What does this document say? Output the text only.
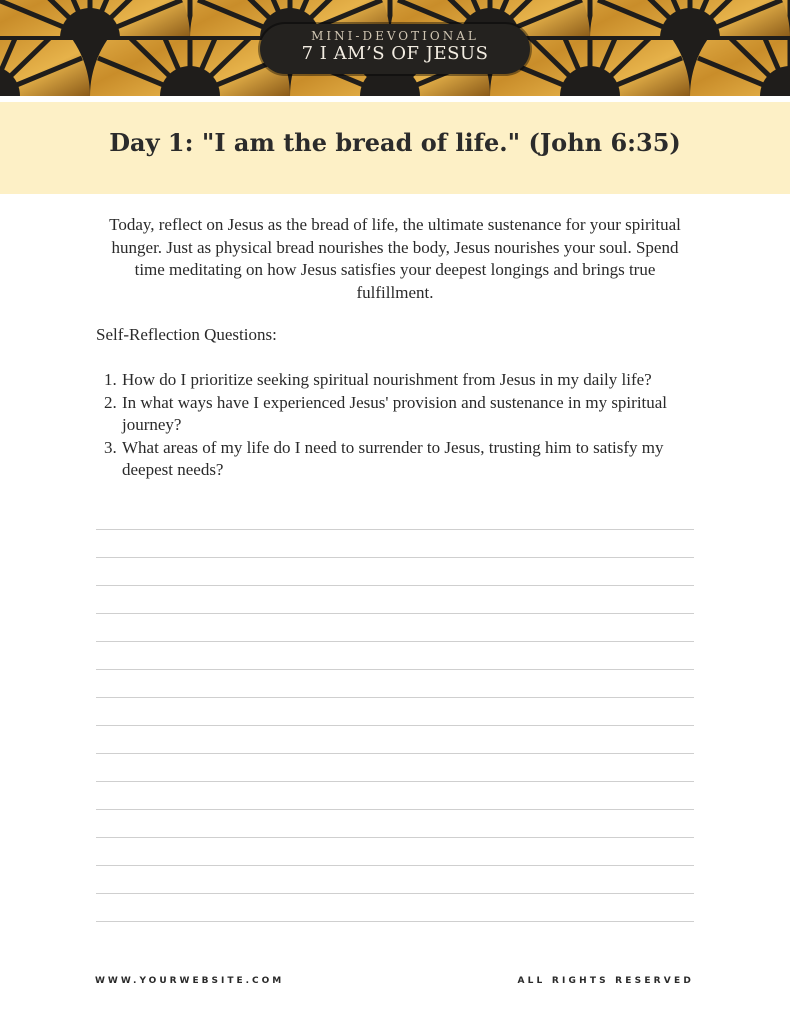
MINI-DEVOTIONAL
7 I AM’S OF JESUS
Day 1: "I am the bread of life." (John 6:35)

Today, reflect on Jesus as the bread of life, the ultimate sustenance for your spiritual hunger. Just as physical bread nourishes the body, Jesus nourishes your soul. Spend time meditating on how Jesus satisfies your deepest longings and brings true fulfillment.

Self-Reflection Questions:

1. How do I prioritize seeking spiritual nourishment from Jesus in my daily life?
2. In what ways have I experienced Jesus' provision and sustenance in my spiritual journey?
3. What areas of my life do I need to surrender to Jesus, trusting him to satisfy my deepest needs?
WWW.YOURWEBSITE.COM	ALL RIGHTS RESERVED
